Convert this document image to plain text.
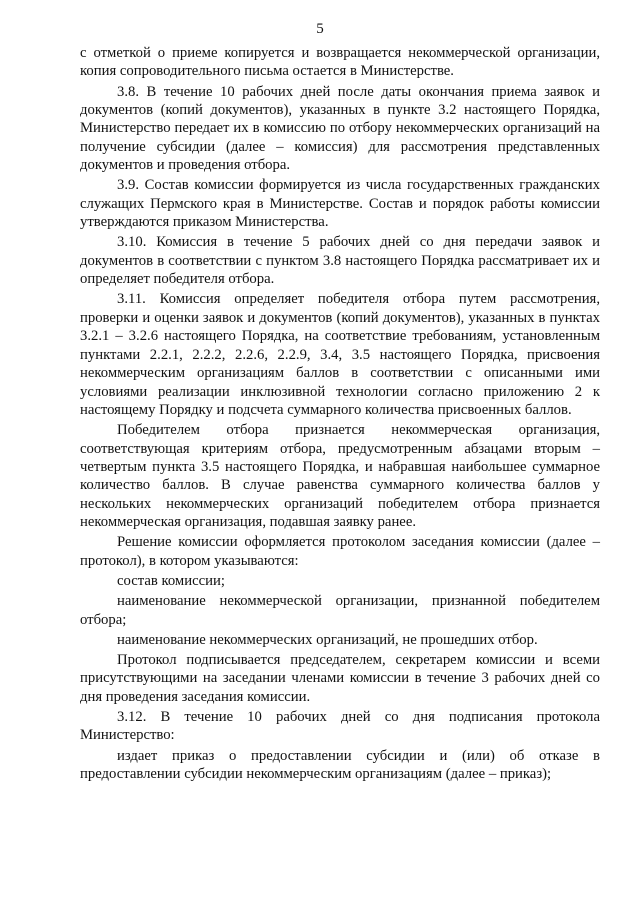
5

с отметкой о приеме копируется и возвращается некоммерческой организации, копия сопроводительного письма остается в Министерстве.

3.8. В течение 10 рабочих дней после даты окончания приема заявок и документов (копий документов), указанных в пункте 3.2 настоящего Порядка, Министерство передает их в комиссию по отбору некоммерческих организаций на получение субсидии (далее – комиссия) для рассмотрения представленных документов и проведения отбора.

3.9. Состав комиссии формируется из числа государственных гражданских служащих Пермского края в Министерстве. Состав и порядок работы комиссии утверждаются приказом Министерства.

3.10. Комиссия в течение 5 рабочих дней со дня передачи заявок и документов в соответствии с пунктом 3.8 настоящего Порядка рассматривает их и определяет победителя отбора.

3.11. Комиссия определяет победителя отбора путем рассмотрения, проверки и оценки заявок и документов (копий документов), указанных в пунктах 3.2.1 – 3.2.6 настоящего Порядка, на соответствие требованиям, установленным пунктами 2.2.1, 2.2.2, 2.2.6, 2.2.9, 3.4, 3.5 настоящего Порядка, присвоения некоммерческим организациям баллов в соответствии с описанными ими условиями реализации инклюзивной технологии согласно приложению 2 к настоящему Порядку и подсчета суммарного количества присвоенных баллов.

Победителем отбора признается некоммерческая организация, соответствующая критериям отбора, предусмотренным абзацами вторым – четвертым пункта 3.5 настоящего Порядка, и набравшая наибольшее суммарное количество баллов. В случае равенства суммарного количества баллов у нескольких некоммерческих организаций победителем отбора признается некоммерческая организация, подавшая заявку ранее.

Решение комиссии оформляется протоколом заседания комиссии (далее – протокол), в котором указываются:

состав комиссии;

наименование некоммерческой организации, признанной победителем отбора;

наименование некоммерческих организаций, не прошедших отбор.

Протокол подписывается председателем, секретарем комиссии и всеми присутствующими на заседании членами комиссии в течение 3 рабочих дней со дня проведения заседания комиссии.

3.12. В течение 10 рабочих дней со дня подписания протокола Министерство:

издает приказ о предоставлении субсидии и (или) об отказе в предоставлении субсидии некоммерческим организациям (далее – приказ);
